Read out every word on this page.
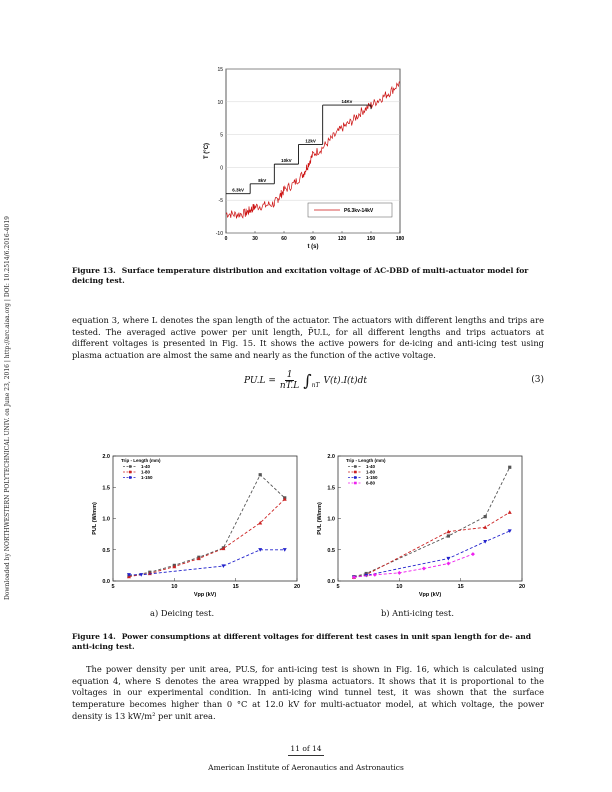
Downloaded by NORTHWESTERN POLYTECHNICAL UNIV. on June 23, 2016 | http://arc.aiaa.org | DOI: 10.2514/6.2016-4019	-10
-5
0
5
10
15
0	30	60	90	120	150	180
t (s)
T (°C)
6.3kV
8kV
10kV
12kV
14Kv
P6.3kv-14kV
Figure 13. Surface temperature distribution and excitation voltage of AC-DBD of multi-actuator model for deicing test.

equation 3, where L denotes the span length of the actuator. The actuators with different lengths and trips are tested. The averaged active power per unit length, P̄U.L, for all different lengths and trips actuators at different voltages is presented in Fig. 15. It shows the active powers for de-icing and anti-icing test using plasma actuation are almost the same and nearly as the function of the active voltage.

$PU.L = \frac{1}{nT.L} \int_{nT}$ V(t).I(t)dt	(3)
0.0
0.5
1.0
1.5
2.0
5	10	15	20
Vpp (kV)
PUL (W/mm)
Trip - Length (mm)
1-40
1-80
1-150
0.0
0.5
1.0
1.5
2.0
5	10	15	20
Vpp (kV)
PUL (W/mm)
Trip - Length (mm)
1-40
1-80
1-150
6-80
a) Deicing test.	b) Anti-icing test.
Figure 14. Power consumptions at different voltages for different test cases in unit span length for de- and anti-icing test.

The power density per unit area, PU.S, for anti-icing test is shown in Fig. 16, which is calculated using equation 4, where S denotes the area wrapped by plasma actuators. It shows that it is proportional to the voltages in our experimental condition. In anti-icing wind tunnel test, it was shown that the surface temperature becomes higher than 0 °C at 12.0 kV for multi-actuator model, at which voltage, the power density is 13 kW/m² per unit area.

11 of 14
American Institute of Aeronautics and Astronautics
